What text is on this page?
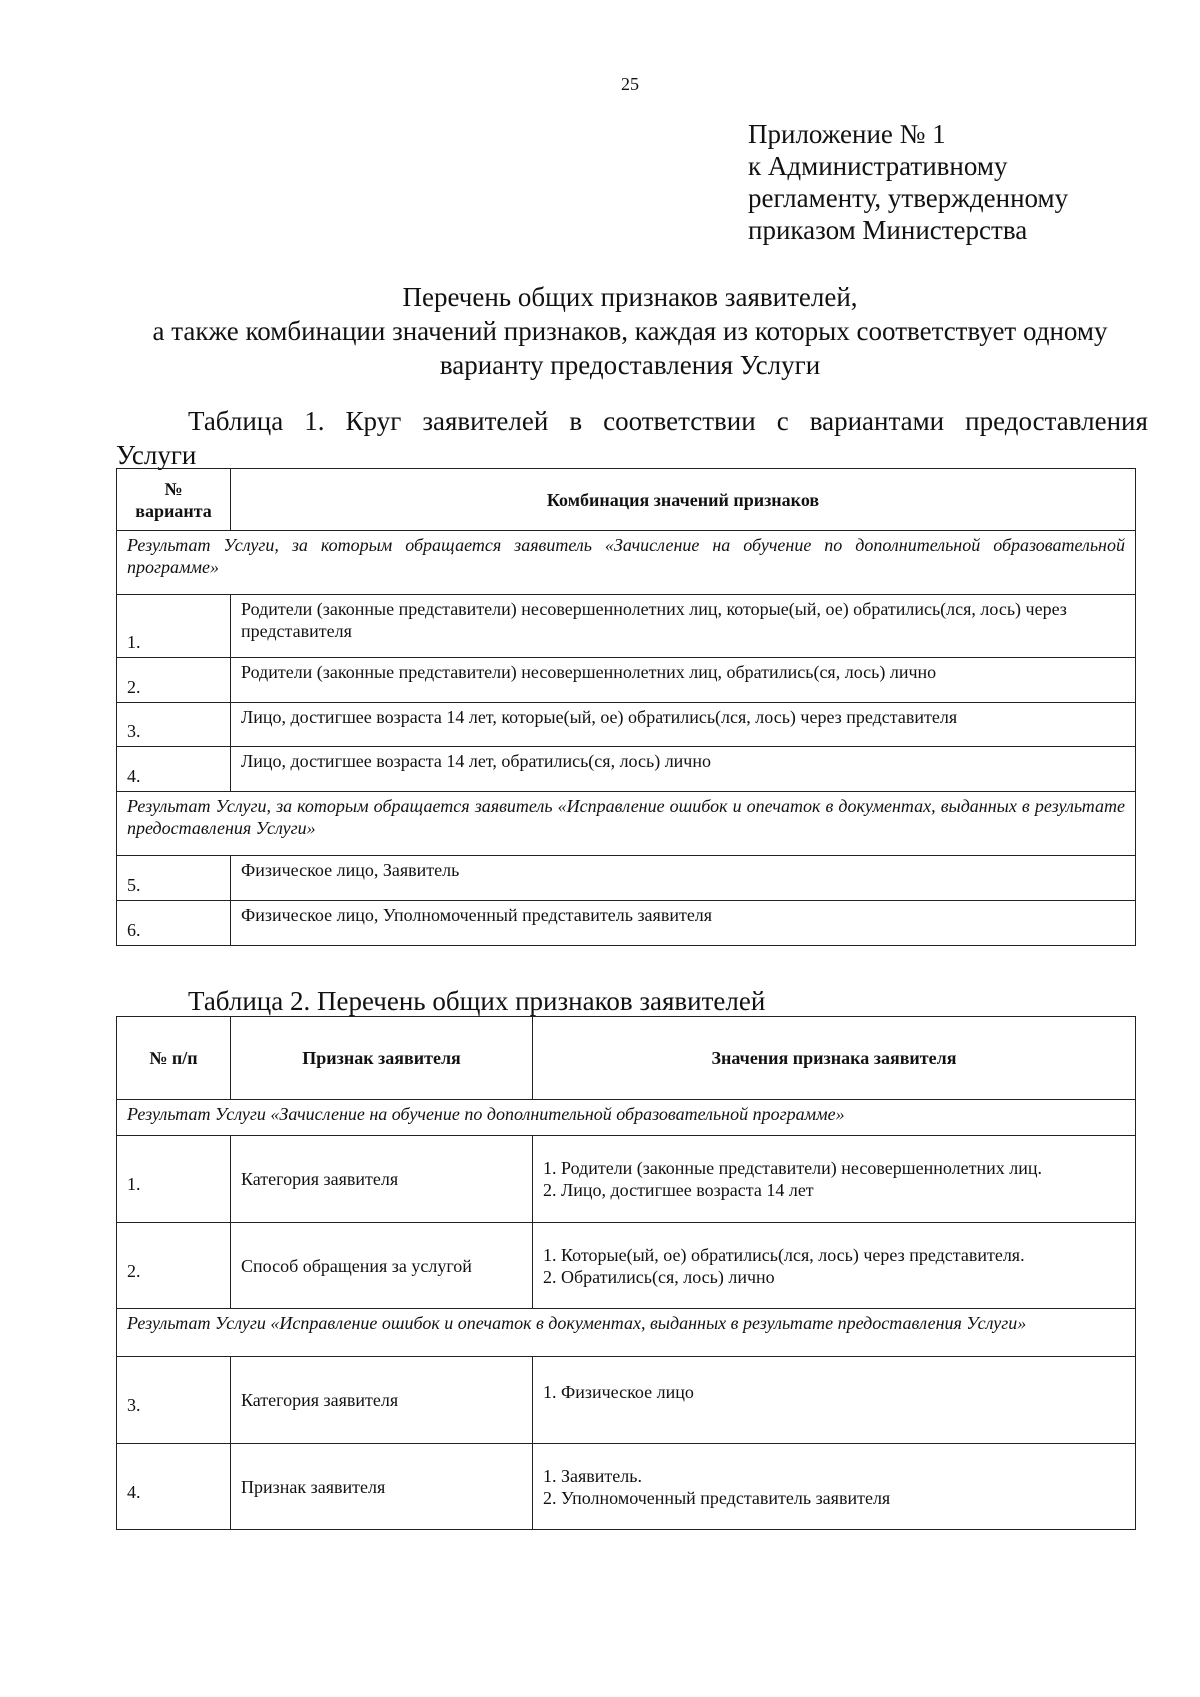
25
Приложение № 1
к Административному
регламенту, утвержденному
приказом Министерства
Перечень общих признаков заявителей,
а также комбинации значений признаков, каждая из которых соответствует одному
варианту предоставления Услуги
Таблица 1. Круг заявителей в соответствии с вариантами предоставления
Услуги
№
варианта	Комбинация значений признаков
Результат Услуги, за которым обращается заявитель «Зачисление на обучение по дополнительной образовательной программе»	
1.	Родители (законные представители) несовершеннолетних лиц, которые(ый, ое) обратились(лся, лось) через представителя
2.	Родители (законные представители) несовершеннолетних лиц, обратились(ся, лось) лично
3.	Лицо, достигшее возраста 14 лет, которые(ый, ое) обратились(лся, лось) через представителя
4.	Лицо, достигшее возраста 14 лет, обратились(ся, лось) лично
Результат Услуги, за которым обращается заявитель «Исправление ошибок и опечаток в документах, выданных в результате предоставления Услуги»	
5.	Физическое лицо, Заявитель
6.	Физическое лицо, Уполномоченный представитель заявителя
Таблица 2. Перечень общих признаков заявителей
№ п/п	Признак заявителя	Значения признака заявителя
Результат Услуги «Зачисление на обучение по дополнительной образовательной программе»		
1.	Категория заявителя	1. Родители (законные представители) несовершеннолетних лиц.
2. Лицо, достигшее возраста 14 лет

2.	Способ обращения за услугой	1. Которые(ый, ое) обратились(лся, лось) через представителя.
2. Обратились(ся, лось) лично

Результат Услуги «Исправление ошибок и опечаток в документах, выданных в результате предоставления Услуги»		
3.	Категория заявителя	1. Физическое лицо

4.	Признак заявителя	1. Заявитель.
2. Уполномоченный представитель заявителя
